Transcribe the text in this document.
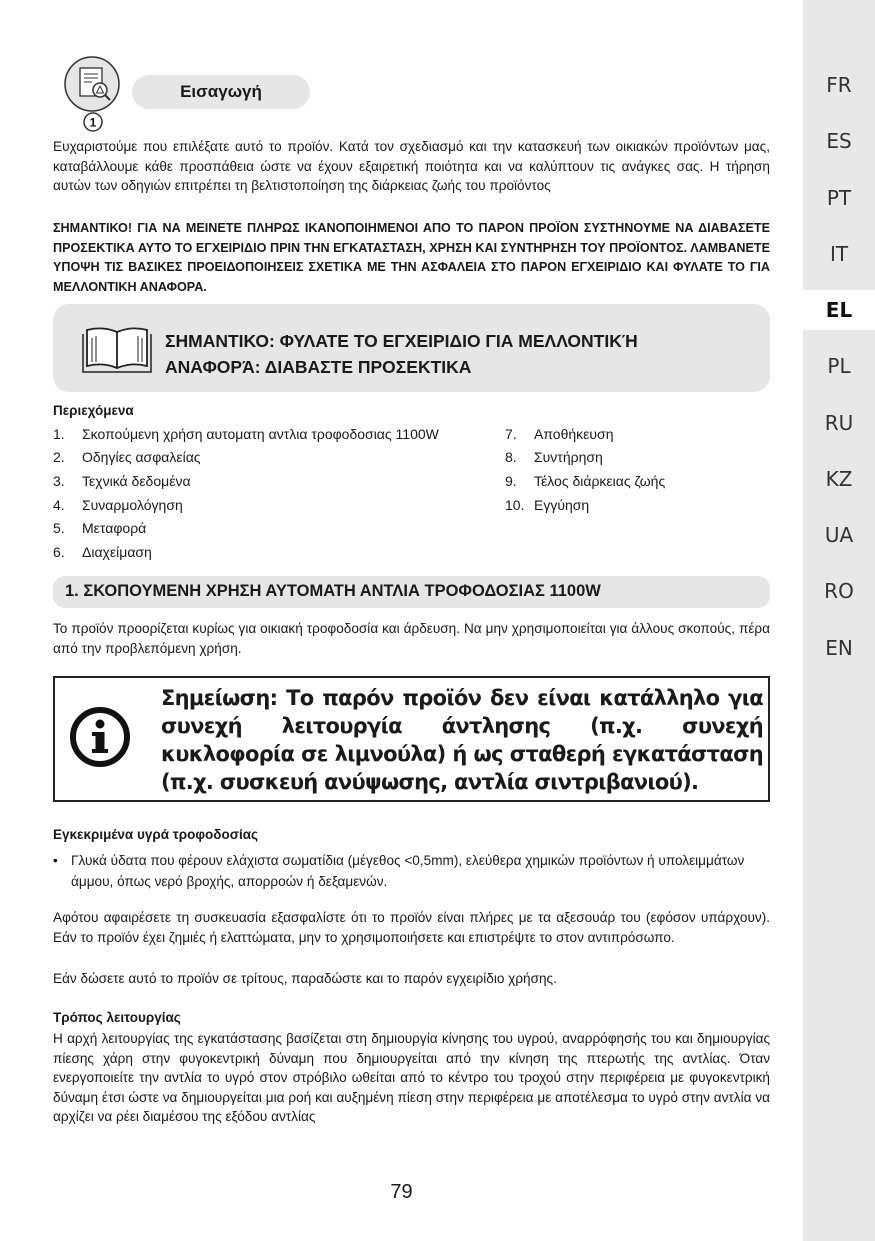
FR
ES
PT
IT
EL
PL
RU
KZ
UA
RO
EN
1
Εισαγωγή

Ευχαριστούμε που επιλέξατε αυτό το προϊόν. Κατά τον σχεδιασμό και την κατασκευή των οικιακών προϊόντων μας, καταβάλλουμε κάθε προσπάθεια ώστε να έχουν εξαιρετική ποιότητα και να καλύπτουν τις ανάγκες σας. Η τήρηση αυτών των οδηγιών επιτρέπει τη βελτιστοποίηση της διάρκειας ζωής του προϊόντος

ΣΗΜΑΝΤΙΚΟ! ΓΙΑ ΝΑ ΜΕΙΝΕΤΕ ΠΛΗΡΩΣ ΙΚΑΝΟΠΟΙΗΜΕΝΟΙ ΑΠΟ ΤΟ ΠΑΡΟΝ ΠΡΟΪΟΝ ΣΥΣΤΗΝΟΥΜΕ ΝΑ ΔΙΑΒΑΣΕΤΕ ΠΡΟΣΕΚΤΙΚΑ ΑΥΤΟ ΤΟ ΕΓΧΕΙΡΙΔΙΟ ΠΡΙΝ ΤΗΝ ΕΓΚΑΤΑΣΤΑΣΗ, ΧΡΗΣΗ ΚΑΙ ΣΥΝΤΗΡΗΣΗ ΤΟΥ ΠΡΟΪΟΝΤΟΣ. ΛΑΜΒΑΝΕΤΕ ΥΠΟΨΗ ΤΙΣ ΒΑΣΙΚΕΣ ΠΡΟΕΙΔΟΠΟΙΗΣΕΙΣ ΣΧΕΤΙΚΑ ΜΕ ΤΗΝ ΑΣΦΑΛΕΙΑ ΣΤΟ ΠΑΡΟΝ ΕΓΧΕΙΡΙΔΙΟ ΚΑΙ ΦΥΛΑΤΕ ΤΟ ΓΙΑ ΜΕΛΛΟΝΤΙΚΗ ΑΝΑΦΟΡΑ.

ΣΗΜΑΝΤΙΚΟ: ΦΥΛΑΤΕ ΤΟ ΕΓΧΕΙΡΙΔΙΟ ΓΙΑ ΜΕΛΛΟΝΤΙΚΉ
ΑΝΑΦΟΡΆ: ΔΙΑΒΑΣΤΕ ΠΡΟΣΕΚΤΙΚΑ
Περιεχόμενα
1. Σκοπούμενη χρήση αυτοματη αντλια τροφοδοσιας 1100W
2. Οδηγίες ασφαλείας
3. Τεχνικά δεδομένα
4. Συναρμολόγηση
5. Μεταφορά
6. Διαχείμαση
7. Αποθήκευση
8. Συντήρηση
9. Τέλος διάρκειας ζωής
10. Εγγύηση
1. ΣΚΟΠΟΥΜΕΝΗ ΧΡΗΣΗ ΑΥΤΟΜΑΤΗ ΑΝΤΛΙΑ ΤΡΟΦΟΔΟΣΙΑΣ 1100W

Το προϊόν προορίζεται κυρίως για οικιακή τροφοδοσία και άρδευση. Να μην χρησιμοποιείται για άλλους σκοπούς, πέρα από την προβλεπόμενη χρήση.

Σημείωση: Το παρόν προϊόν δεν είναι κατάλληλο για συνεχή λειτουργία άντλησης (π.χ. συνεχή κυκλοφορία σε λιμνούλα) ή ως σταθερή εγκατάσταση (π.χ. συσκευή ανύψωσης, αντλία σιντριβανιού).

Εγκεκριμένα υγρά τροφοδοσίας
• Γλυκά ύδατα που φέρουν ελάχιστα σωματίδια (μέγεθος <0,5mm), ελεύθερα χημικών προϊόντων ή υπολειμμάτων άμμου, όπως νερό βροχής, απορροών ή δεξαμενών.

Αφότου αφαιρέσετε τη συσκευασία εξασφαλίστε ότι το προϊόν είναι πλήρες με τα αξεσουάρ του (εφόσον υπάρχουν). Εάν το προϊόν έχει ζημιές ή ελαττώματα, μην το χρησιμοποιήσετε και επιστρέψτε το στον αντιπρόσωπο.

Εάν δώσετε αυτό το προϊόν σε τρίτους, παραδώστε και το παρόν εγχειρίδιο χρήσης.

Τρόπος λειτουργίας

Η αρχή λειτουργίας της εγκατάστασης βασίζεται στη δημιουργία κίνησης του υγρού, αναρρόφησής του και δημιουργίας πίεσης χάρη στην φυγοκεντρική δύναμη που δημιουργείται από την κίνηση της πτερωτής της αντλίας. Όταν ενεργοποιείτε την αντλία το υγρό στον στρόβιλο ωθείται από το κέντρο του τροχού στην περιφέρεια με φυγοκεντρική δύναμη έτσι ώστε να δημιουργείται μια ροή και αυξημένη πίεση στην περιφέρεια με αποτέλεσμα το υγρό στην αντλία να αρχίζει να ρέει διαμέσου της εξόδου αντλίας

79
